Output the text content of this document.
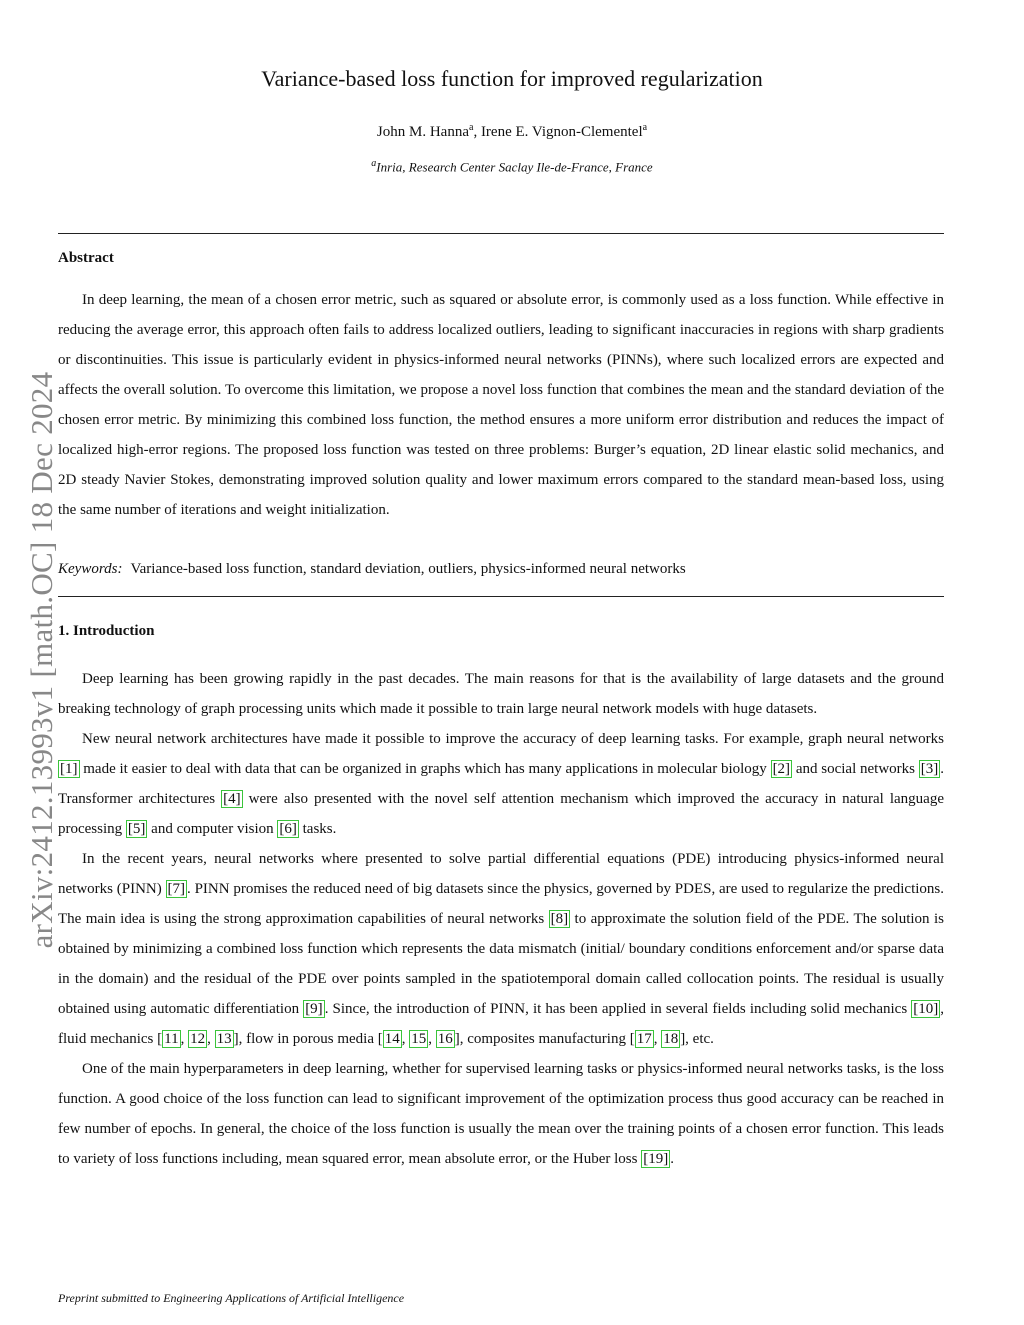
arXiv:2412.13993v1 [math.OC] 18 Dec 2024
Variance-based loss function for improved regularization
John M. Hanna$^a$, Irene E. Vignon-Clementel$^a$
$^a$Inria, Research Center Saclay Ile-de-France, France
Abstract

In deep learning, the mean of a chosen error metric, such as squared or absolute error, is commonly used as a loss function. While effective in reducing the average error, this approach often fails to address localized outliers, leading to significant inaccuracies in regions with sharp gradients or discontinuities. This issue is particularly evident in physics-informed neural networks (PINNs), where such localized errors are expected and affects the overall solution. To overcome this limitation, we propose a novel loss function that combines the mean and the standard deviation of the chosen error metric. By minimizing this combined loss function, the method ensures a more uniform error distribution and reduces the impact of localized high-error regions. The proposed loss function was tested on three problems: Burger’s equation, 2D linear elastic solid mechanics, and 2D steady Navier Stokes, demonstrating improved solution quality and lower maximum errors compared to the standard mean-based loss, using the same number of iterations and weight initialization.

Keywords: Variance-based loss function, standard deviation, outliers, physics-informed neural networks
1. Introduction

Deep learning has been growing rapidly in the past decades. The main reasons for that is the availability of large datasets and the ground breaking technology of graph processing units which made it possible to train large neural network models with huge datasets.

New neural network architectures have made it possible to improve the accuracy of deep learning tasks. For example, graph neural networks [1] made it easier to deal with data that can be organized in graphs which has many applications in molecular biology [2] and social networks [3] . Transformer architectures [4] were also presented with the novel self attention mechanism which improved the accuracy in natural language processing [5] and computer vision [6] tasks.

In the recent years, neural networks where presented to solve partial differential equations (PDE) introducing physics-informed neural networks (PINN) [7] . PINN promises the reduced need of big datasets since the physics, governed by PDES, are used to regularize the predictions. The main idea is using the strong approximation capabilities of neural networks [8] to approximate the solution field of the PDE. The solution is obtained by minimizing a combined loss function which represents the data mismatch (initial/ boundary conditions enforcement and/or sparse data in the domain) and the residual of the PDE over points sampled in the spatiotemporal domain called collocation points. The residual is usually obtained using automatic differentiation [9] . Since, the introduction of PINN, it has been applied in several fields including solid mechanics [10] , fluid mechanics [ 11 , 12 , 13 ], flow in porous media [ 14 , 15 , 16 ], composites manufacturing [ 17 , 18 ], etc.

One of the main hyperparameters in deep learning, whether for supervised learning tasks or physics-informed neural networks tasks, is the loss function. A good choice of the loss function can lead to significant improvement of the optimization process thus good accuracy can be reached in few number of epochs. In general, the choice of the loss function is usually the mean over the training points of a chosen error function. This leads to variety of loss functions including, mean squared error, mean absolute error, or the Huber loss [19] .

Preprint submitted to Engineering Applications of Artificial Intelligence
